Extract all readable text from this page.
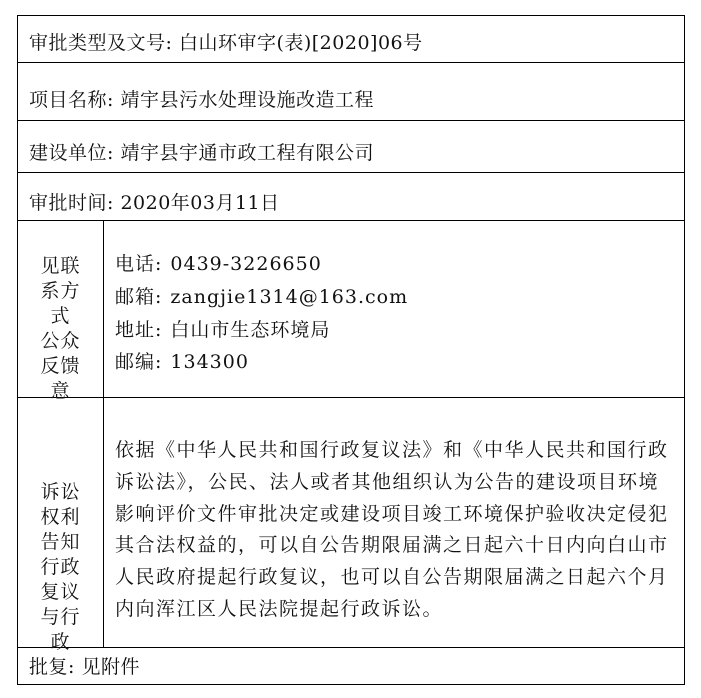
审批类型及文号: 白山环审字(表)[2020]06号
项目名称: 靖宇县污水处理设施改造工程
建设单位: 靖宇县宇通市政工程有限公司
审批时间: 2020年03月11日
见联
系方
式
公众
反馈
意
电话: 0439-3226650
邮箱: zangjie1314@163.com
地址: 白山市生态环境局
邮编: 134300
诉讼
权利
告知
行政
复议
与行
政
依据《中华人民共和国行政复议法》和《中华人民共和国行政
诉讼法》，公民、法人或者其他组织认为公告的建设项目环境
影响评价文件审批决定或建设项目竣工环境保护验收决定侵犯
其合法权益的，可以自公告期限届满之日起六十日内向白山市
人民政府提起行政复议，也可以自公告期限届满之日起六个月
内向浑江区人民法院提起行政诉讼。
批复: 见附件
